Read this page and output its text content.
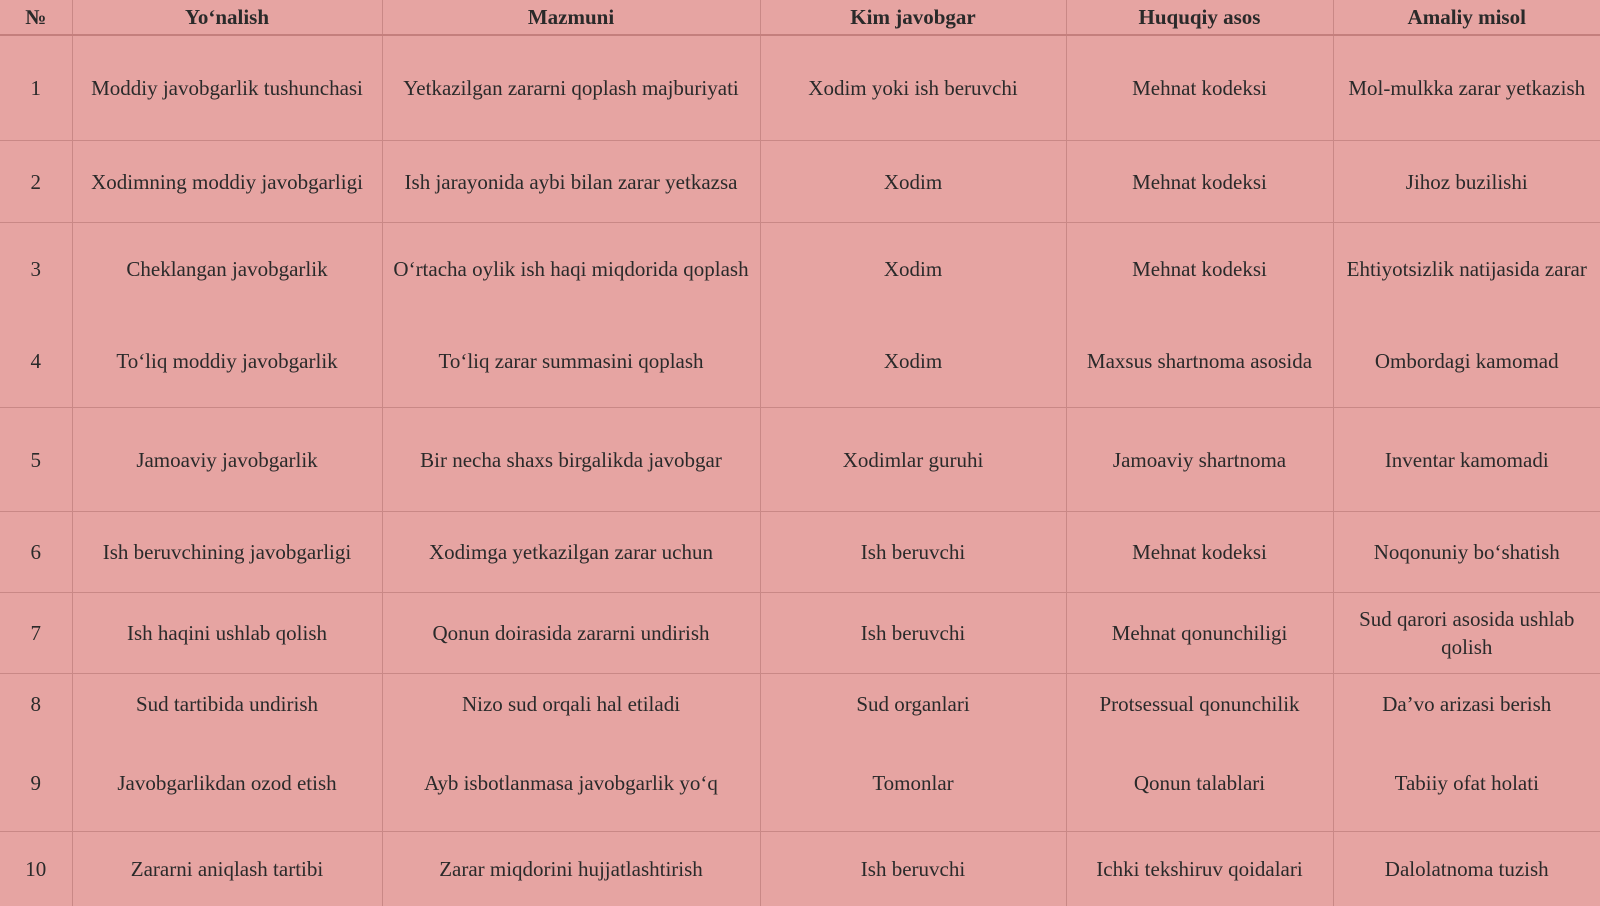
№	Yoʻnalish	Mazmuni	Kim javobgar	Huquqiy asos	Amaliy misol
1	Moddiy javobgarlik tushunchasi	Yetkazilgan zararni qoplash majburiyati	Xodim yoki ish beruvchi	Mehnat kodeksi	Mol-mulkka zarar yetkazish
2	Xodimning moddiy javobgarligi	Ish jarayonida aybi bilan zarar yetkazsa	Xodim	Mehnat kodeksi	Jihoz buzilishi
3	Cheklangan javobgarlik	Oʻrtacha oylik ish haqi miqdorida qoplash	Xodim	Mehnat kodeksi	Ehtiyotsizlik natijasida zarar
4	Toʻliq moddiy javobgarlik	Toʻliq zarar summasini qoplash	Xodim	Maxsus shartnoma asosida	Ombordagi kamomad
5	Jamoaviy javobgarlik	Bir necha shaxs birgalikda javobgar	Xodimlar guruhi	Jamoaviy shartnoma	Inventar kamomadi
6	Ish beruvchining javobgarligi	Xodimga yetkazilgan zarar uchun	Ish beruvchi	Mehnat kodeksi	Noqonuniy boʻshatish
7	Ish haqini ushlab qolish	Qonun doirasida zararni undirish	Ish beruvchi	Mehnat qonunchiligi	Sud qarori asosida ushlab qolish
8	Sud tartibida undirish	Nizo sud orqali hal etiladi	Sud organlari	Protsessual qonunchilik	Da’vo arizasi berish
9	Javobgarlikdan ozod etish	Ayb isbotlanmasa javobgarlik yoʻq	Tomonlar	Qonun talablari	Tabiiy ofat holati
10	Zararni aniqlash tartibi	Zarar miqdorini hujjatlashtirish	Ish beruvchi	Ichki tekshiruv qoidalari	Dalolatnoma tuzish
